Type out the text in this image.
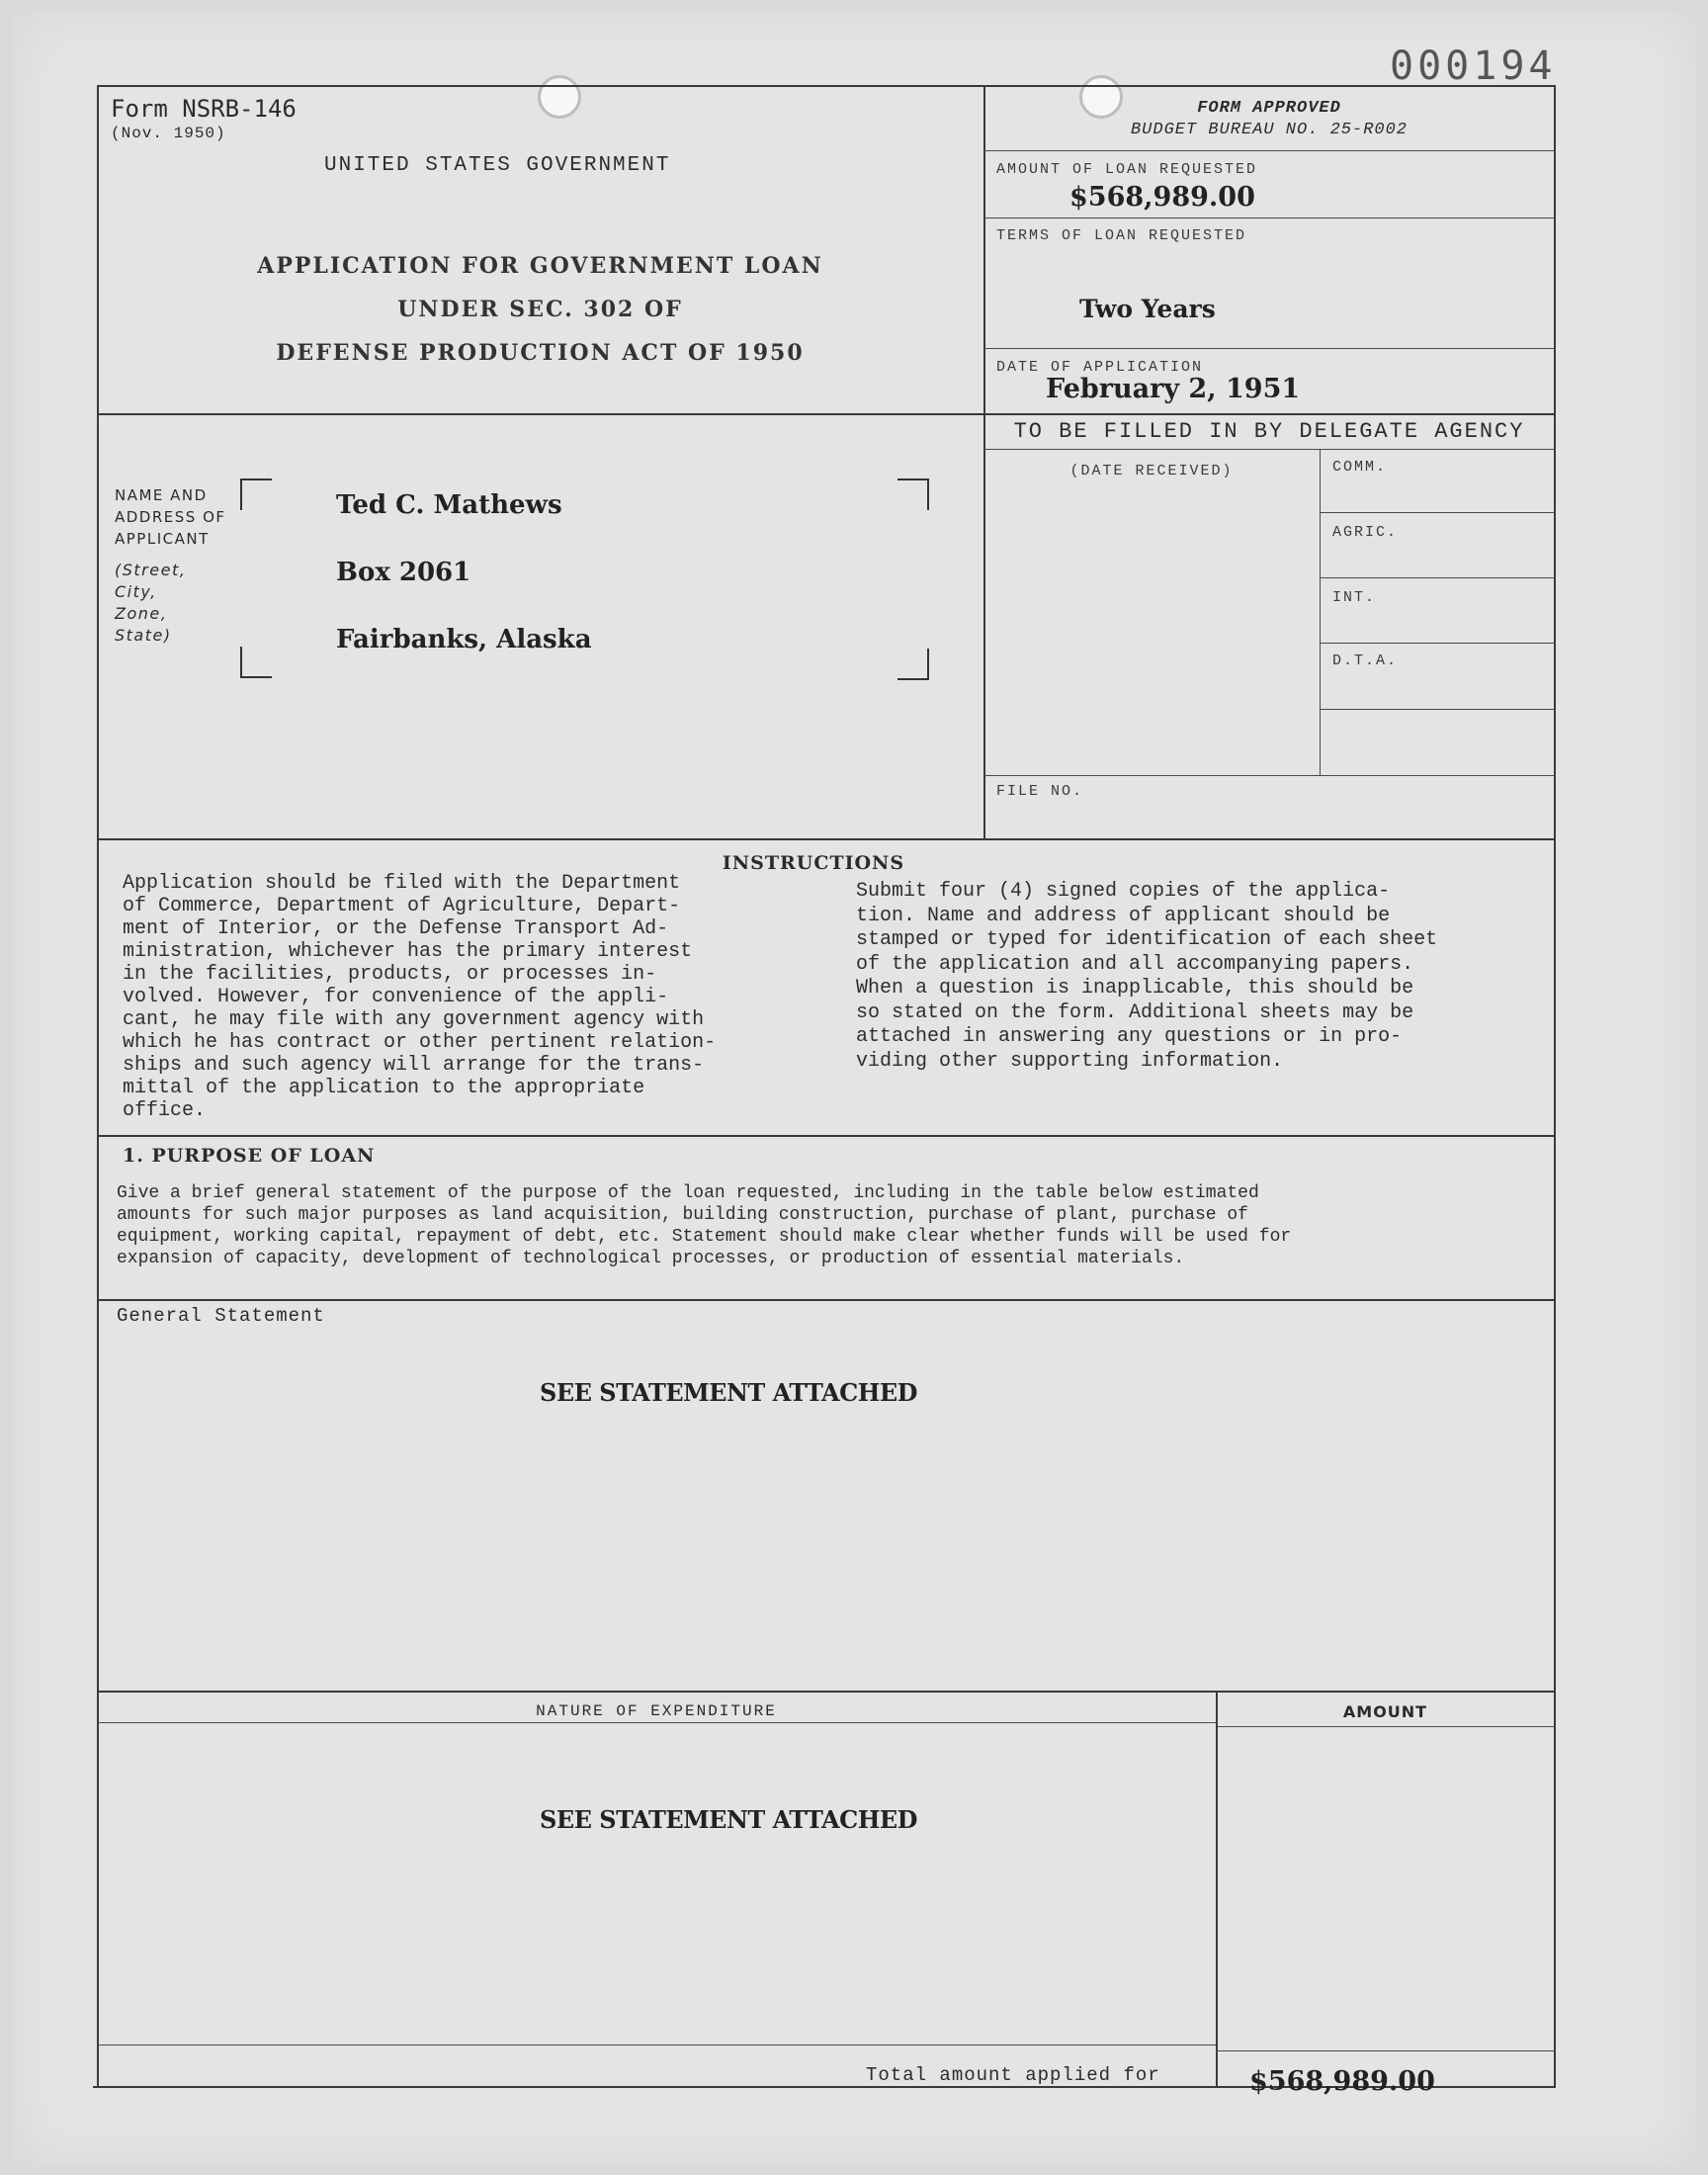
000194
Form NSRB-146
(Nov. 1950)
UNITED STATES GOVERNMENT
APPLICATION FOR GOVERNMENT LOAN
UNDER SEC. 302 OF
DEFENSE PRODUCTION ACT OF 1950
FORM APPROVED
BUDGET BUREAU NO. 25-R002
AMOUNT OF LOAN REQUESTED
$568,989.00
TERMS OF LOAN REQUESTED
Two Years
DATE OF APPLICATION
February 2, 1951
NAME AND
ADDRESS OF
APPLICANT
(Street,
City,
Zone,
State)
Ted C. Mathews
Box 2061
Fairbanks, Alaska
TO BE FILLED IN BY DELEGATE AGENCY
(DATE RECEIVED)	COMM.
AGRIC.
INT.
D.T.A.
FILE NO.
INSTRUCTIONS
Application should be filed with the Department
of Commerce, Department of Agriculture, Depart-
ment of Interior, or the Defense Transport Ad-
ministration, whichever has the primary interest
in the facilities, products, or processes in-
volved. However, for convenience of the appli-
cant, he may file with any government agency with
which he has contract or other pertinent relation-
ships and such agency will arrange for the trans-
mittal of the application to the appropriate
office.
Submit four (4) signed copies of the applica-
tion. Name and address of applicant should be
stamped or typed for identification of each sheet
of the application and all accompanying papers.
When a question is inapplicable, this should be
so stated on the form. Additional sheets may be
attached in answering any questions or in pro-
viding other supporting information.
1. PURPOSE OF LOAN
Give a brief general statement of the purpose of the loan requested, including in the table below estimated
amounts for such major purposes as land acquisition, building construction, purchase of plant, purchase of
equipment, working capital, repayment of debt, etc. Statement should make clear whether funds will be used for
expansion of capacity, development of technological processes, or production of essential materials.
General Statement
SEE STATEMENT ATTACHED
NATURE OF EXPENDITURE	AMOUNT
SEE STATEMENT ATTACHED
Total amount applied for	$568,989.00
